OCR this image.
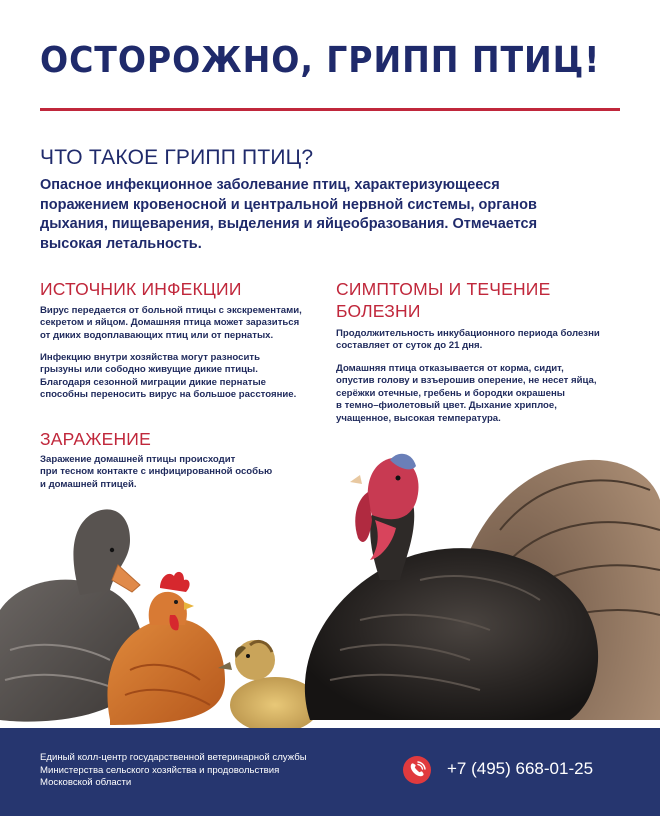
ОСТОРОЖНО, ГРИПП ПТИЦ!
ЧТО ТАКОЕ ГРИПП ПТИЦ?
Опасное инфекционное заболевание птиц, характеризующееся
поражением кровеносной и центральной нервной системы, органов
дыхания, пищеварения, выделения и яйцеобразования. Отмечается
высокая летальность.
ИСТОЧНИК ИНФЕКЦИИ
Вирус передается от больной птицы с экскрементами,
секретом и яйцом. Домашняя птица может заразиться
от диких водоплавающих птиц или от пернатых.
Инфекцию внутри хозяйства могут разносить
грызуны или сободно живущие дикие птицы.
Благодаря сезонной миграции дикие пернатые
способны переносить вирус на большое расстояние.
ЗАРАЖЕНИЕ
Заражение домашней птицы происходит
при тесном контакте с инфицированной особью
и домашней птицей.
СИМПТОМЫ И ТЕЧЕНИЕ
БОЛЕЗНИ
Продолжительность инкубационного периода болезни
составляет от суток до 21 дня.
Домашняя птица отказывается от корма, сидит,
опустив голову и взъерошив оперение, не несет яйца,
серёжки отечные, гребень и бородки окрашены
в темно–фиолетовый цвет. Дыхание хриплое,
учащенное, высокая температура.
Единый колл-центр государственной ветеринарной службы
Министерства сельского хозяйства и продовольствия
Московской области
+7 (495) 668-01-25
